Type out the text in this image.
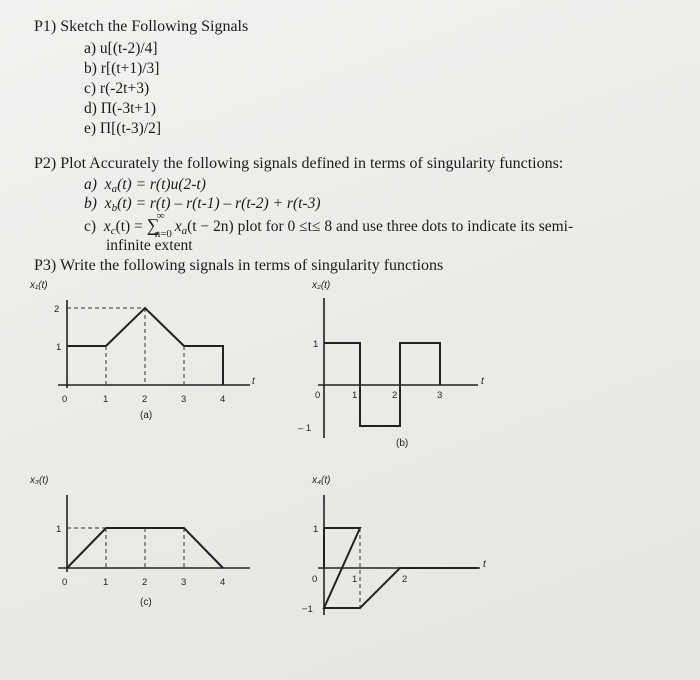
P1) Sketch the Following Signals
a) u[(t-2)/4]
b) r[(t+1)/3]
c) r(-2t+3)
d) Π(-3t+1)
e) Π[(t-3)/2]
P2) Plot Accurately the following signals defined in terms of singularity functions:
a) $x_a(t) = r(t)u(2-t)$
b) $x_b(t) = r(t) - r(t-1) - r(t-2) + r(t-3)$
c) $x_c(t)$ = ∑
∞
n=0 $x_a(t - 2n)$ plot for 0 ≤t≤ 8 and use three dots to indicate its semi-
infinite extent
P3) Write the following signals in terms of singularity functions
x₁(t)
t
2
1
0	1	2	3	4
(a)
x₂(t)
t
1
– 1
0	1	2	3
(b)
x₃(t)
1
0	1	2	3	4
(c)
x₄(t)
t
1
−1
0	1	2
